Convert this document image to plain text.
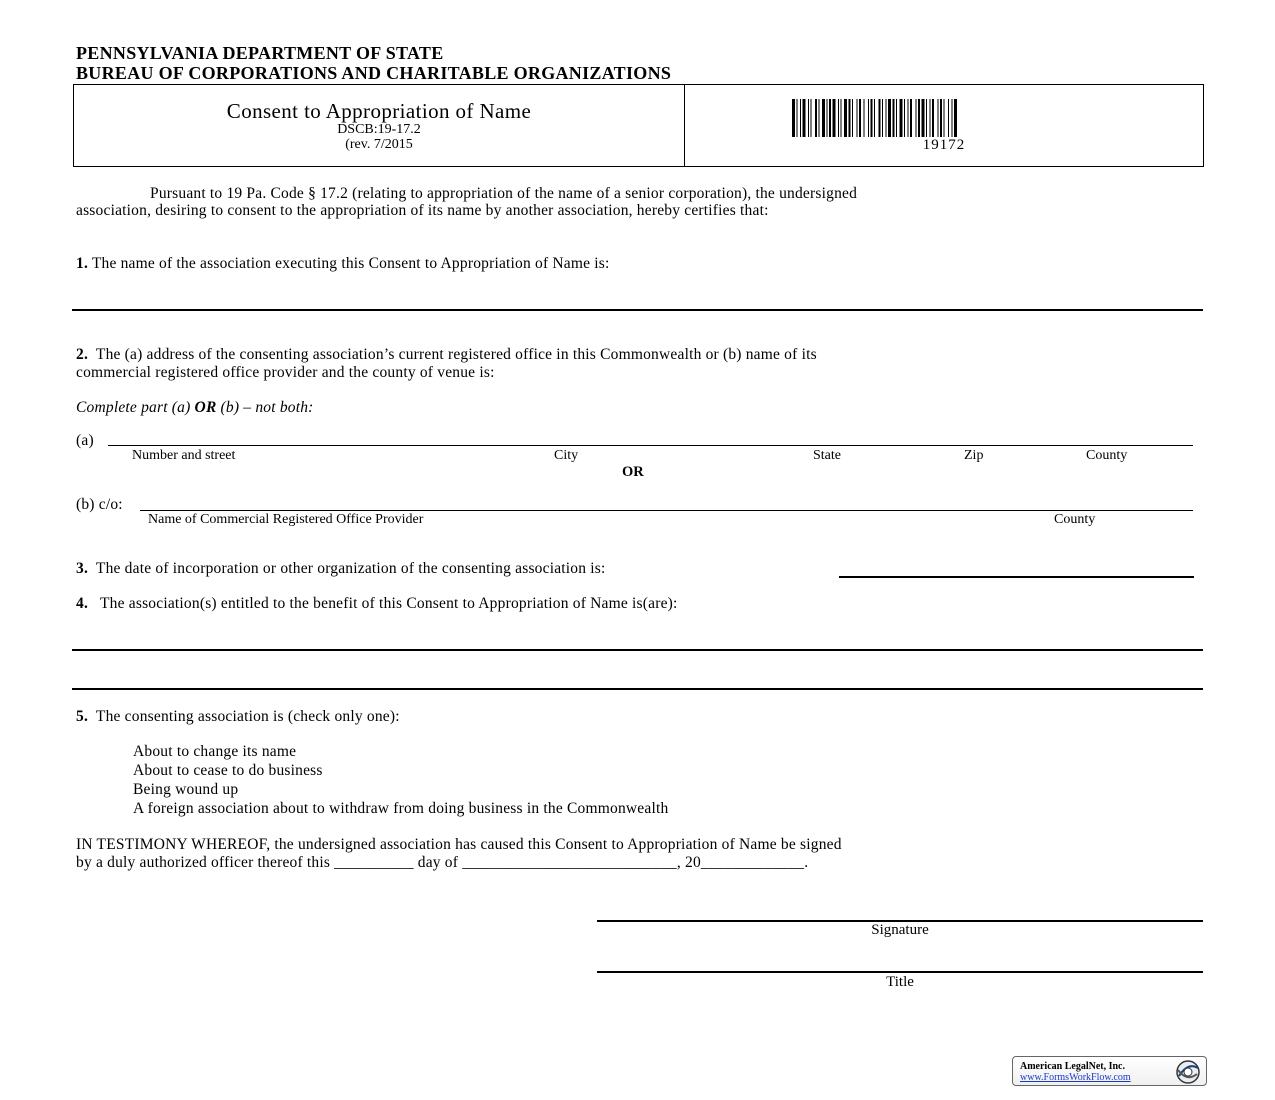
PENNSYLVANIA DEPARTMENT OF STATE
BUREAU OF CORPORATIONS AND CHARITABLE ORGANIZATIONS
Consent to Appropriation of Name
DSCB:19-17.2
(rev. 7/2015	19172
Pursuant to 19 Pa. Code § 17.2 (relating to appropriation of the name of a senior corporation), the undersigned
association, desiring to consent to the appropriation of its name by another association, hereby certifies that:
1. The name of the association executing this Consent to Appropriation of Name is:
2. The (a) address of the consenting association’s current registered office in this Commonwealth or (b) name of its
commercial registered office provider and the county of venue is:
Complete part (a) OR (b) – not both:
(a)
Number and street	City	State	Zip	County
OR
(b) c/o:
Name of Commercial Registered Office Provider	County
3. The date of incorporation or other organization of the consenting association is:
4. The association(s) entitled to the benefit of this Consent to Appropriation of Name is(are):
5. The consenting association is (check only one):
About to change its name
About to cease to do business
Being wound up
A foreign association about to withdraw from doing business in the Commonwealth
IN TESTIMONY WHEREOF, the undersigned association has caused this Consent to Appropriation of Name be signed
by a duly authorized officer thereof this __________ day of ___________________________, 20_____________.
Signature
Title
American LegalNet, Inc.
www.FormsWorkFlow.com
